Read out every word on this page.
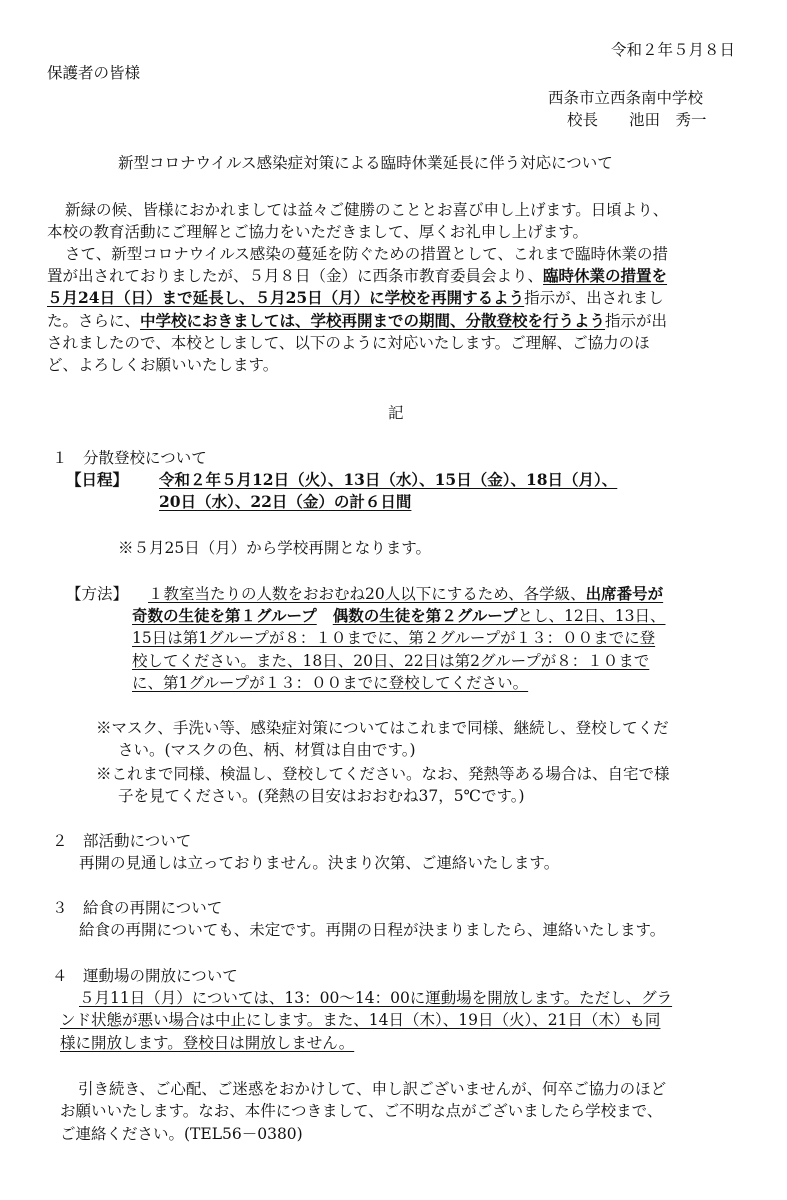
令和２年５月８日
保護者の皆様
西条市立西条南中学校
校長　　池田　秀一
新型コロナウイルス感染症対策による臨時休業延長に伴う対応について
新緑の候、皆様におかれましては益々ご健勝のこととお喜び申し上げます。日頃より、
本校の教育活動にご理解とご協力をいただきまして、厚くお礼申し上げます。
さて、新型コロナウイルス感染の蔓延を防ぐための措置として、これまで臨時休業の措
置が出されておりましたが、５月８日（金）に西条市教育委員会より、臨時休業の措置を
５月24日（日）まで延長し、５月25日（月）に学校を再開するよう指示が、出されまし
た。さらに、中学校におきましては、学校再開までの期間、分散登校を行うよう指示が出
されましたので、本校としまして、以下のように対応いたします。ご理解、ご協力のほ
ど、よろしくお願いいたします。
記
１　分散登校について
【日程】 令和２年５月12日（火）、13日（水）、15日（金）、18日（月）、
20日（水）、22日（金）の計６日間
※５月25日（月）から学校再開となります。
【方法】	１教室当たりの人数をおおむね20人以下にするため、各学級、出席番号が
奇数の生徒を第１グループ 偶数の生徒を第２グループとし、12日、13日、
15日は第1グループが８：１０までに、第２グループが１３：００までに登
校してください。また、18日、20日、22日は第2グループが８：１０まで
に、第1グループが１３：００までに登校してください。
※マスク、手洗い等、感染症対策についてはこれまで同様、継続し、登校してくだ
さい。(マスクの色、柄、材質は自由です。)
※これまで同様、検温し、登校してください。なお、発熱等ある場合は、自宅で様
子を見てください。(発熱の目安はおおむね37，5℃です。)
２　部活動について
再開の見通しは立っておりません。決まり次第、ご連絡いたします。
３　給食の再開について
給食の再開についても、未定です。再開の日程が決まりましたら、連絡いたします。
４　運動場の開放について
５月11日（月）については、13：00～14：00に運動場を開放します。ただし、グラ
ンド状態が悪い場合は中止にします。また、14日（木）、19日（火）、21日（木）も同
様に開放します。登校日は開放しません。
引き続き、ご心配、ご迷惑をおかけして、申し訳ございませんが、何卒ご協力のほど
お願いいたします。なお、本件につきまして、ご不明な点がございましたら学校まで、
ご連絡ください。(TEL56－0380)
